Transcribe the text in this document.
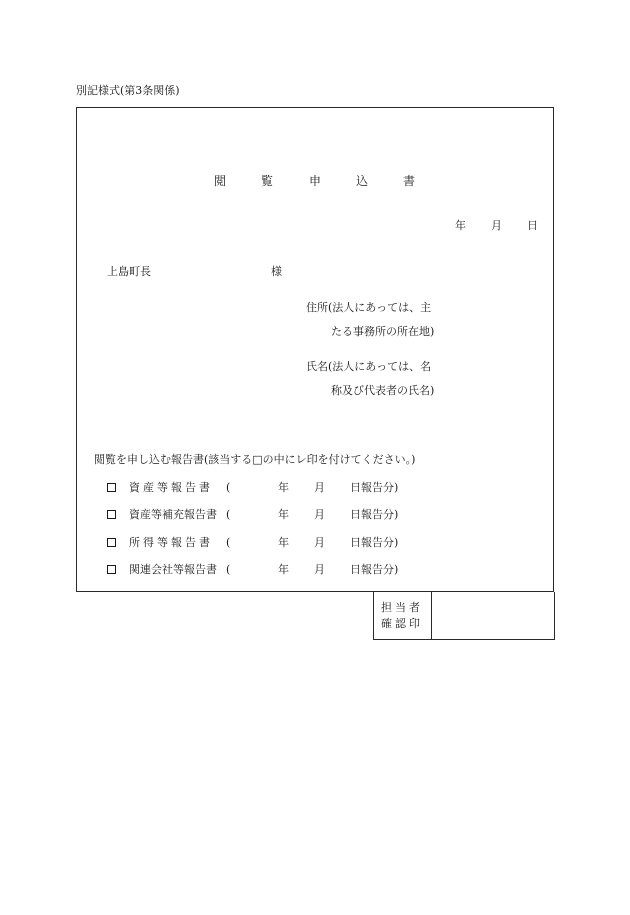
別記様式(第3条関係)
閲	覧	申	込	書
年 月 日
上島町長	様
住所(法人にあっては、主
たる事務所の所在地)
氏名(法人にあっては、名
称及び代表者の氏名)
閲覧を申し込む報告書(該当する□の中にレ印を付けてください。)
資産等報告書 (	年 月 日報告分)
資産等補充報告書 (	年 月 日報告分)
所得等報告書 (	年 月 日報告分)
関連会社等報告書 (	年 月 日報告分)
担当者
確認印
